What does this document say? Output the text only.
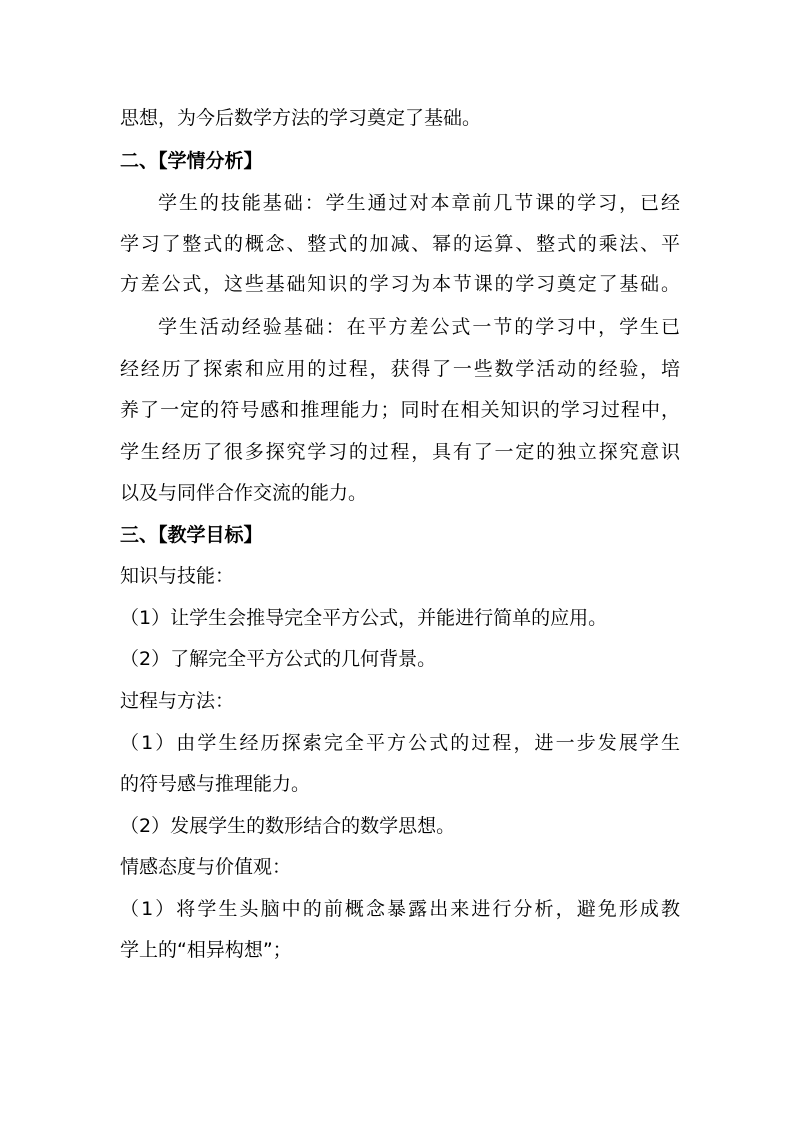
思想，为今后数学方法的学习奠定了基础。
二、【学情分析】
学生的技能基础：学生通过对本章前几节课的学习，已经
学习了整式的概念、整式的加减、幂的运算、整式的乘法、平
方差公式，这些基础知识的学习为本节课的学习奠定了基础。
学生活动经验基础：在平方差公式一节的学习中，学生已
经经历了探索和应用的过程，获得了一些数学活动的经验，培
养了一定的符号感和推理能力；同时在相关知识的学习过程中，
学生经历了很多探究学习的过程，具有了一定的独立探究意识
以及与同伴合作交流的能力。
三、【教学目标】
知识与技能：
（1）让学生会推导完全平方公式，并能进行简单的应用。
（2）了解完全平方公式的几何背景。
过程与方法：
（1）由学生经历探索完全平方公式的过程，进一步发展学生
的符号感与推理能力。
（2）发展学生的数形结合的数学思想。
情感态度与价值观：
（1）将学生头脑中的前概念暴露出来进行分析，避免形成教
学上的“相异构想”；
